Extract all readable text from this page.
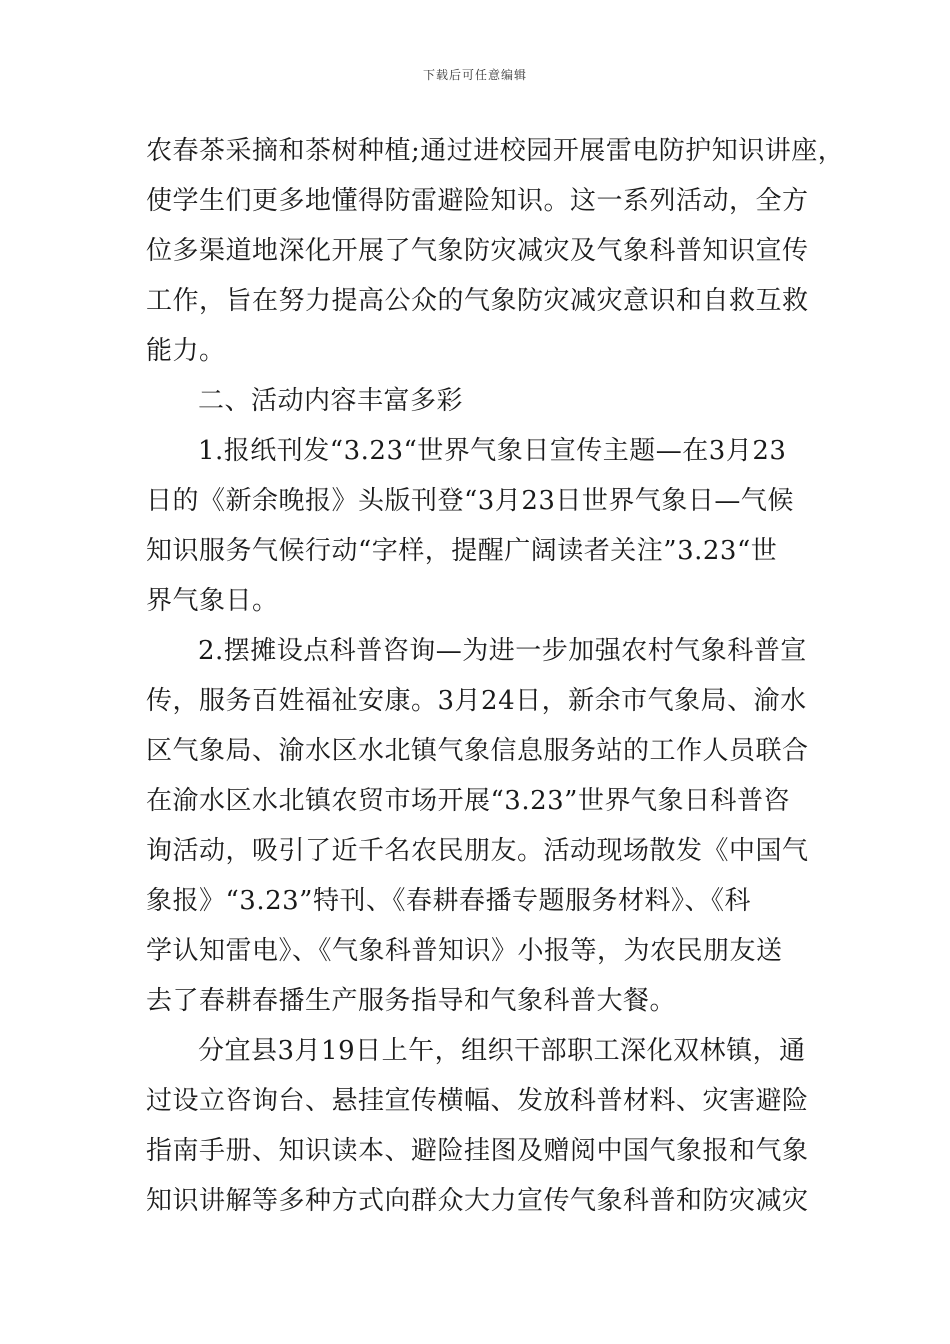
下载后可任意编辑
农春茶采摘和茶树种植;通过进校园开展雷电防护知识讲座，
使学生们更多地懂得防雷避险知识。这一系列活动，全方
位多渠道地深化开展了气象防灾减灾及气象科普知识宣传
工作，旨在努力提高公众的气象防灾减灾意识和自救互救
能力。
二、活动内容丰富多彩
1.报纸刊发“3.23“世界气象日宣传主题—在3月23
日的《新余晚报》头版刊登“3月23日世界气象日—气候
知识服务气候行动“字样，提醒广阔读者关注”3.23“世
界气象日。
2.摆摊设点科普咨询—为进一步加强农村气象科普宣
传，服务百姓福祉安康。3月24日，新余市气象局、渝水
区气象局、渝水区水北镇气象信息服务站的工作人员联合
在渝水区水北镇农贸市场开展“3.23”世界气象日科普咨
询活动，吸引了近千名农民朋友。活动现场散发《中国气
象报》“3.23”特刊、《春耕春播专题服务材料》、《科
学认知雷电》、《气象科普知识》小报等，为农民朋友送
去了春耕春播生产服务指导和气象科普大餐。
分宜县3月19日上午，组织干部职工深化双林镇，通
过设立咨询台、悬挂宣传横幅、发放科普材料、灾害避险
指南手册、知识读本、避险挂图及赠阅中国气象报和气象
知识讲解等多种方式向群众大力宣传气象科普和防灾减灾
